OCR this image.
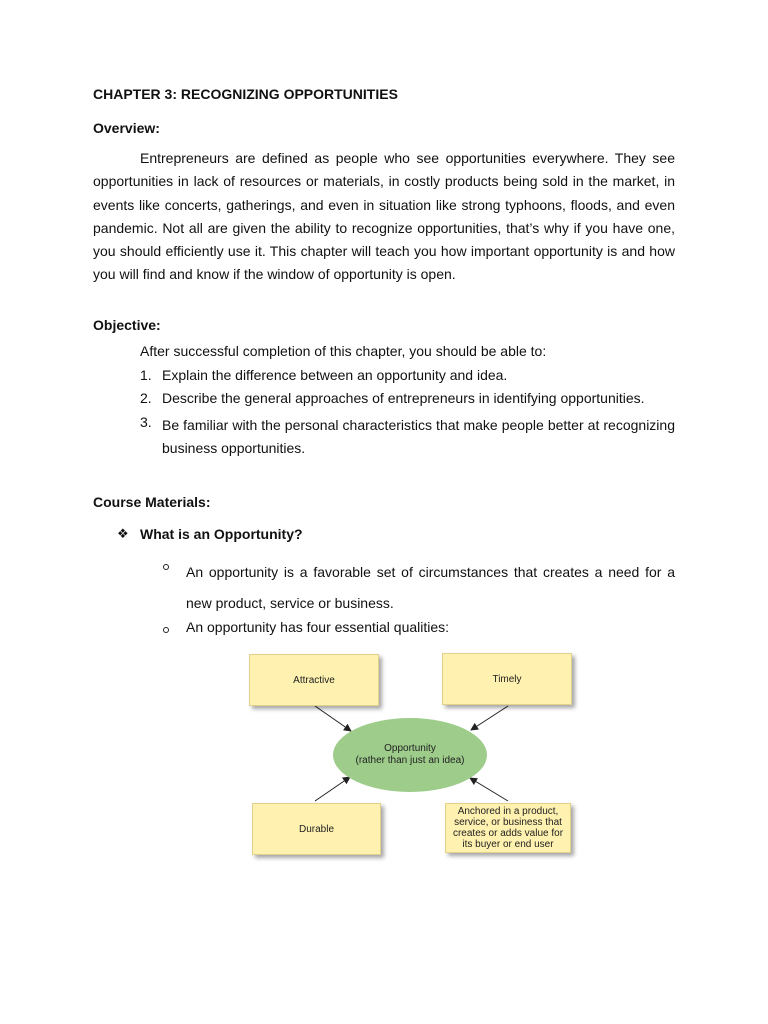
CHAPTER 3: RECOGNIZING OPPORTUNITIES
Overview:
Entrepreneurs are defined as people who see opportunities everywhere. They see opportunities in lack of resources or materials, in costly products being sold in the market, in events like concerts, gatherings, and even in situation like strong typhoons, floods, and even pandemic. Not all are given the ability to recognize opportunities, that’s why if you have one, you should efficiently use it. This chapter will teach you how important opportunity is and how you will find and know if the window of opportunity is open.
Objective:
After successful completion of this chapter, you should be able to:
1. Explain the difference between an opportunity and idea.
2. Describe the general approaches of entrepreneurs in identifying opportunities.
3. Be familiar with the personal characteristics that make people better at recognizing business opportunities.
Course Materials:
❖ What is an Opportunity?
An opportunity is a favorable set of circumstances that creates a need for a new product, service or business.
An opportunity has four essential qualities:
Attractive	Timely
Durable
Anchored in a product, service, or business that creates or adds value for its buyer or end user
Opportunity
(rather than just an idea)
